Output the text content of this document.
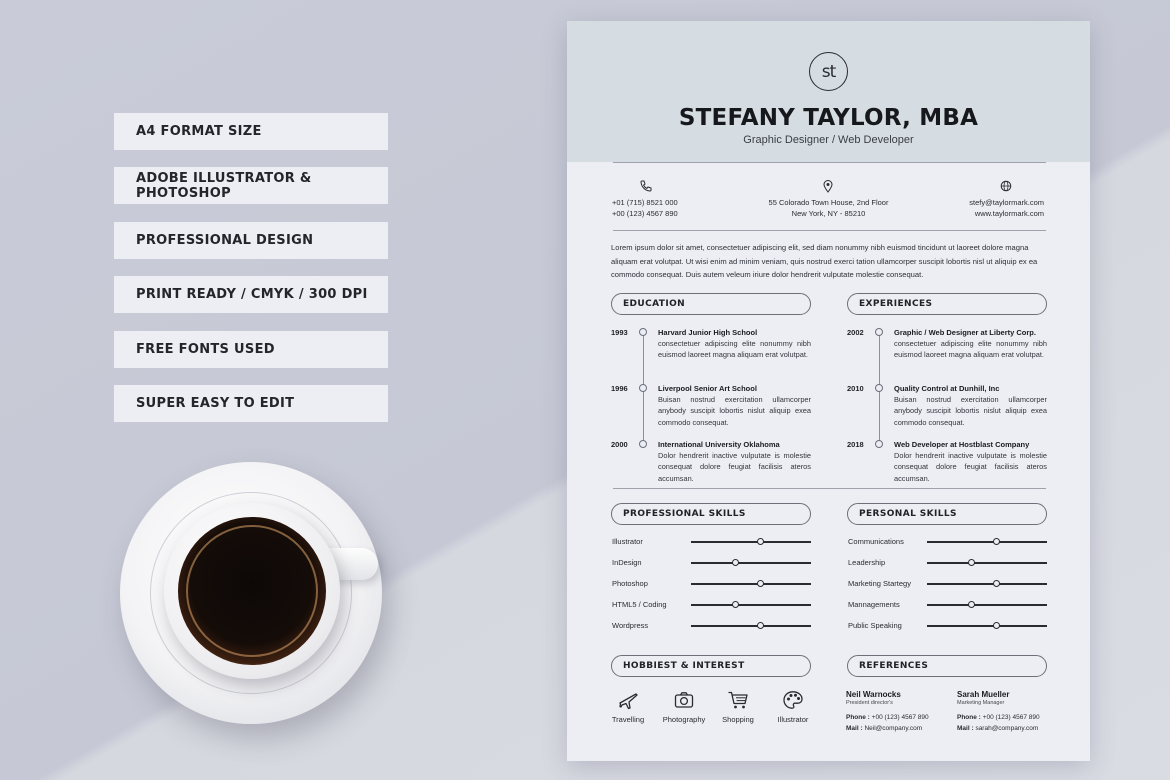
A4 FORMAT SIZE
ADOBE ILLUSTRATOR & PHOTOSHOP
PROFESSIONAL DESIGN
PRINT READY / CMYK / 300 DPI
FREE FONTS USED
SUPER EASY TO EDIT
st
STEFANY TAYLOR, MBA
Graphic Designer / Web Developer
+01 (715) 8521 000
+00 (123) 4567 890
55 Colorado Town House, 2nd Floor
New York, NY - 85210
stefy@taylormark.com
www.taylormark.com
Lorem ipsum dolor sit amet, consectetuer adipiscing elit, sed diam nonummy nibh euismod tincidunt ut laoreet dolore magna aliquam erat volutpat. Ut wisi enim ad minim veniam, quis nostrud exerci tation ullamcorper suscipit lobortis nisl ut aliquip ex ea commodo consequat. Duis autem veleum iriure dolor hendrerit vulputate molestie consequat.
EDUCATION
1993	Harvard Junior High School
consectetuer adipiscing elite nonummy nibh euismod laoreet magna aliquam erat volutpat.
1996	Liverpool Senior Art School
Buisan nostrud exercitation ullamcorper anybody suscipit lobortis nislut aliquip exea commodo consequat.
2000	International University Oklahoma
Dolor hendrerit inactive vulputate is molestie consequat dolore feugiat facilisis ateros accumsan.
EXPERIENCES
2002	Graphic / Web Designer at Liberty Corp.
consectetuer adipiscing elite nonummy nibh euismod laoreet magna aliquam erat volutpat.
2010	Quality Control at Dunhill, Inc
Buisan nostrud exercitation ullamcorper anybody suscipit lobortis nislut aliquip exea commodo consequat.
2018	Web Developer at Hostblast Company
Dolor hendrerit inactive vulputate is molestie consequat dolore feugiat facilisis ateros accumsan.
PROFESSIONAL SKILLS
Illustrator
InDesign
Photoshop
HTML5 / Coding
Wordpress
PERSONAL SKILLS
Communications
Leadership
Marketing Startegy
Mannagements
Public Speaking
HOBBIEST & INTEREST
Travelling	Photography	Shopping	Illustrator
REFERENCES
Neil Warnocks
President director's
Phone : +00 (123) 4567 890
Mail : Neil@company.com
Sarah Mueller
Marketing Manager
Phone : +00 (123) 4567 890
Mail : sarah@company.com
